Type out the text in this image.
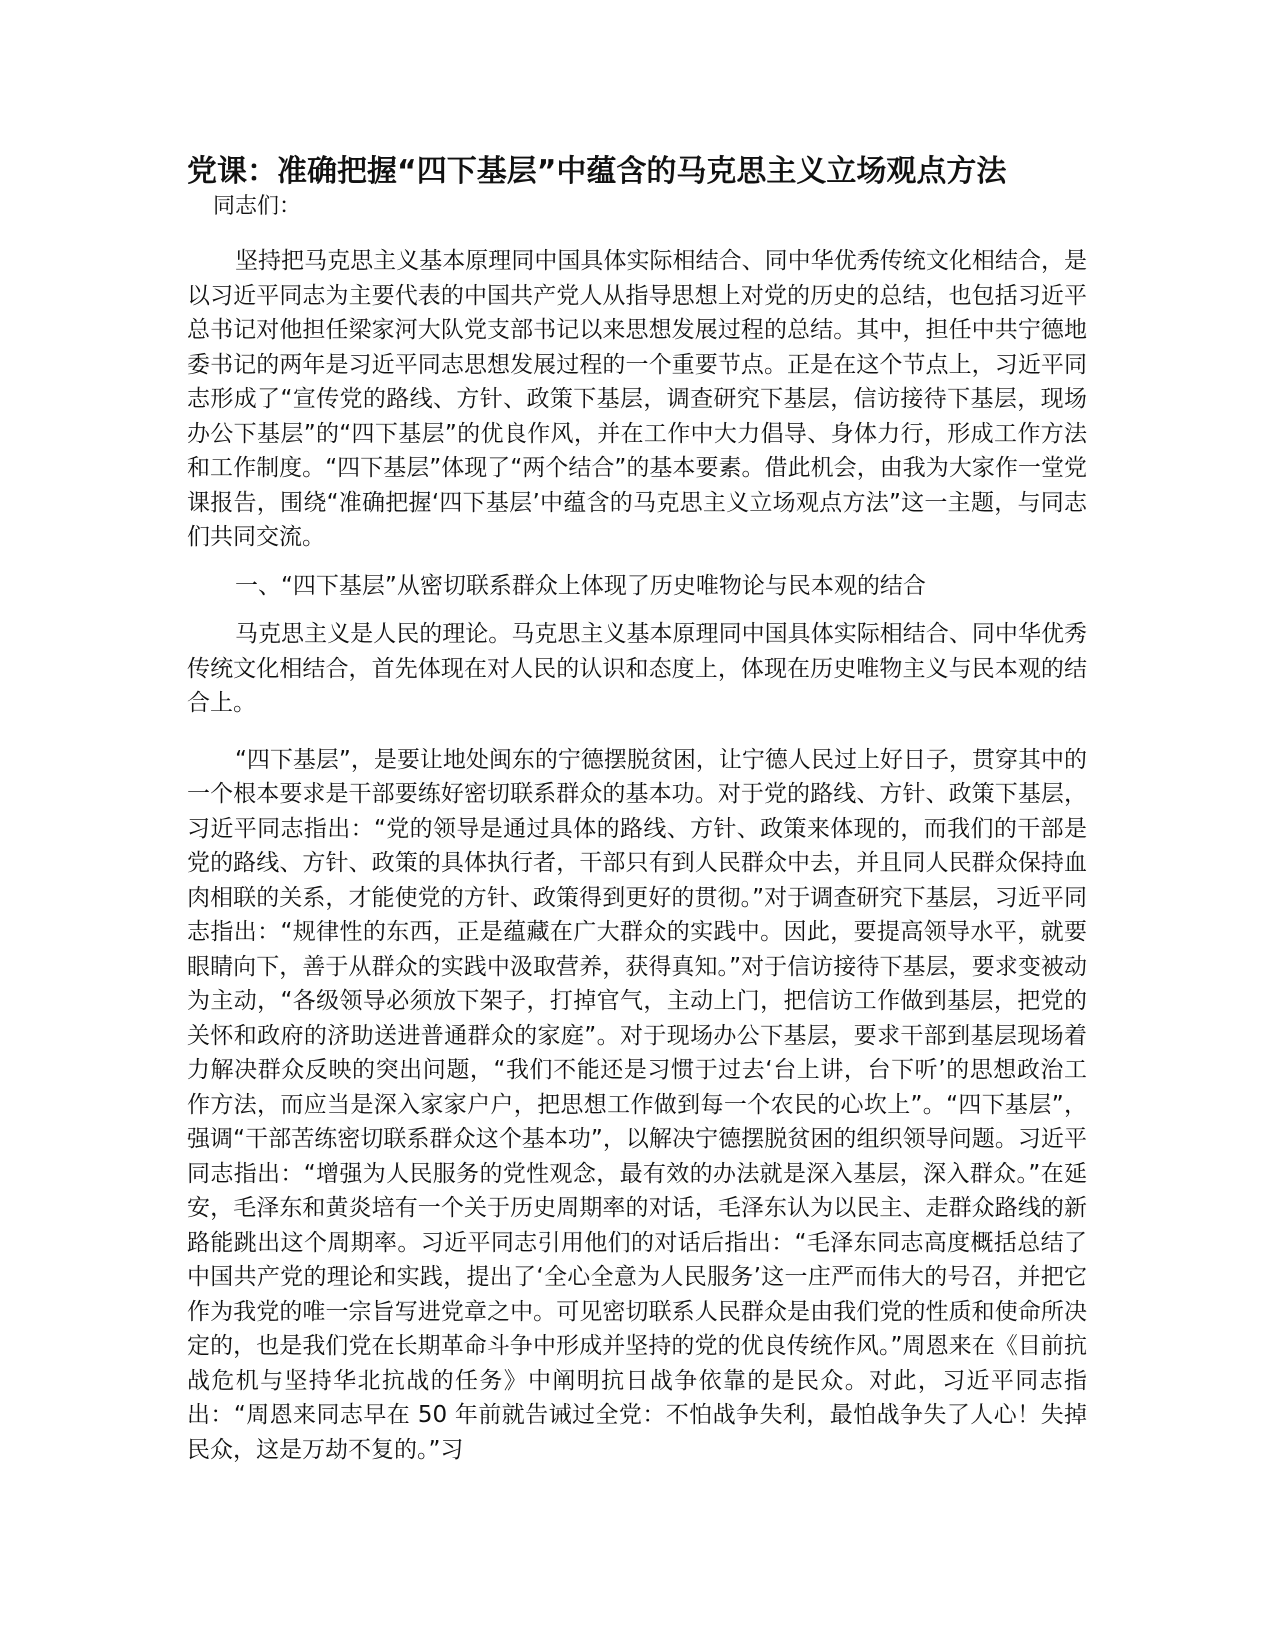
党课：准确把握“四下基层”中蕴含的马克思主义立场观点方法

同志们：

坚持把马克思主义基本原理同中国具体实际相结合、同中华优秀传统文化相结合，是以习近平同志为主要代表的中国共产党人从指导思想上对党的历史的总结，也包括习近平总书记对他担任梁家河大队党支部书记以来思想发展过程的总结。其中，担任中共宁德地委书记的两年是习近平同志思想发展过程的一个重要节点。正是在这个节点上，习近平同志形成了“宣传党的路线、方针、政策下基层，调查研究下基层，信访接待下基层，现场办公下基层”的“四下基层”的优良作风，并在工作中大力倡导、身体力行，形成工作方法和工作制度。“四下基层”体现了“两个结合”的基本要素。借此机会，由我为大家作一堂党课报告，围绕“准确把握‘四下基层’中蕴含的马克思主义立场观点方法”这一主题，与同志们共同交流。

一、“四下基层”从密切联系群众上体现了历史唯物论与民本观的结合

马克思主义是人民的理论。马克思主义基本原理同中国具体实际相结合、同中华优秀传统文化相结合，首先体现在对人民的认识和态度上，体现在历史唯物主义与民本观的结合上。

“四下基层”，是要让地处闽东的宁德摆脱贫困，让宁德人民过上好日子，贯穿其中的一个根本要求是干部要练好密切联系群众的基本功。对于党的路线、方针、政策下基层，习近平同志指出：“党的领导是通过具体的路线、方针、政策来体现的，而我们的干部是党的路线、方针、政策的具体执行者，干部只有到人民群众中去，并且同人民群众保持血肉相联的关系，才能使党的方针、政策得到更好的贯彻。”对于调查研究下基层，习近平同志指出：“规律性的东西，正是蕴藏在广大群众的实践中。因此，要提高领导水平，就要眼睛向下，善于从群众的实践中汲取营养，获得真知。”对于信访接待下基层，要求变被动为主动，“各级领导必须放下架子，打掉官气，主动上门，把信访工作做到基层，把党的关怀和政府的济助送进普通群众的家庭”。对于现场办公下基层，要求干部到基层现场着力解决群众反映的突出问题，“我们不能还是习惯于过去‘台上讲，台下听’的思想政治工作方法，而应当是深入家家户户，把思想工作做到每一个农民的心坎上”。“四下基层”，强调“干部苦练密切联系群众这个基本功”，以解决宁德摆脱贫困的组织领导问题。习近平同志指出：“增强为人民服务的党性观念，最有效的办法就是深入基层，深入群众。”在延安，毛泽东和黄炎培有一个关于历史周期率的对话，毛泽东认为以民主、走群众路线的新路能跳出这个周期率。习近平同志引用他们的对话后指出：“毛泽东同志高度概括总结了中国共产党的理论和实践，提出了‘全心全意为人民服务’这一庄严而伟大的号召，并把它作为我党的唯一宗旨写进党章之中。可见密切联系人民群众是由我们党的性质和使命所决定的，也是我们党在长期革命斗争中形成并坚持的党的优良传统作风。”周恩来在《目前抗战危机与坚持华北抗战的任务》中阐明抗日战争依靠的是民众。对此，习近平同志指出：“周恩来同志早在 50 年前就告诫过全党：不怕战争失利，最怕战争失了人心！失掉民众，这是万劫不复的。”习
